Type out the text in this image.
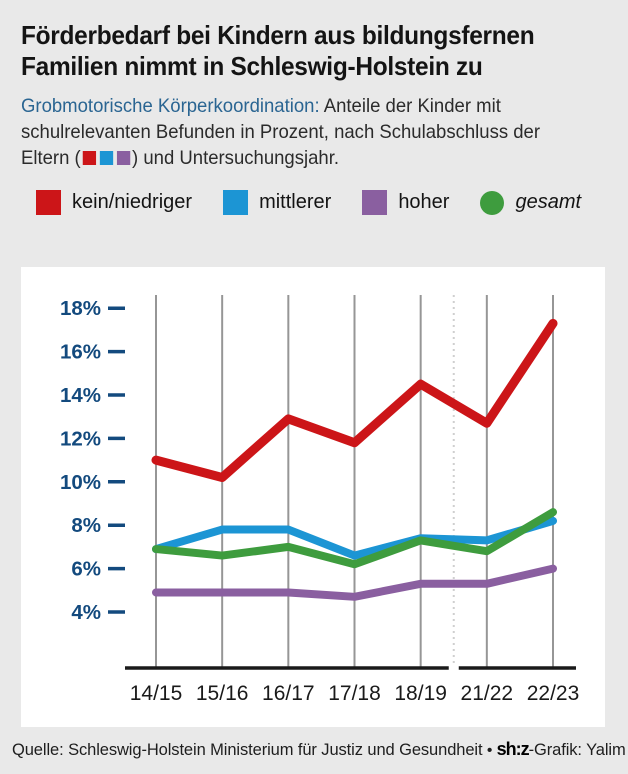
Förderbedarf bei Kindern aus bildungsfernen
Familien nimmt in Schleswig-Holstein zu
Grobmotorische Körperkoordination: Anteile der Kinder mit
schulrelevanten Befunden in Prozent, nach Schulabschluss der
Eltern (	) und Untersuchungsjahr.
kein/niedriger	mittlerer	hoher	gesamt
4%
6%
8%
10%
12%
14%
16%
18%
14/15 15/16 16/17 17/18 18/19 21/22 22/23
Quelle: Schleswig-Holstein Ministerium für Justiz und Gesundheit • sh:z-Grafik: Yalim
